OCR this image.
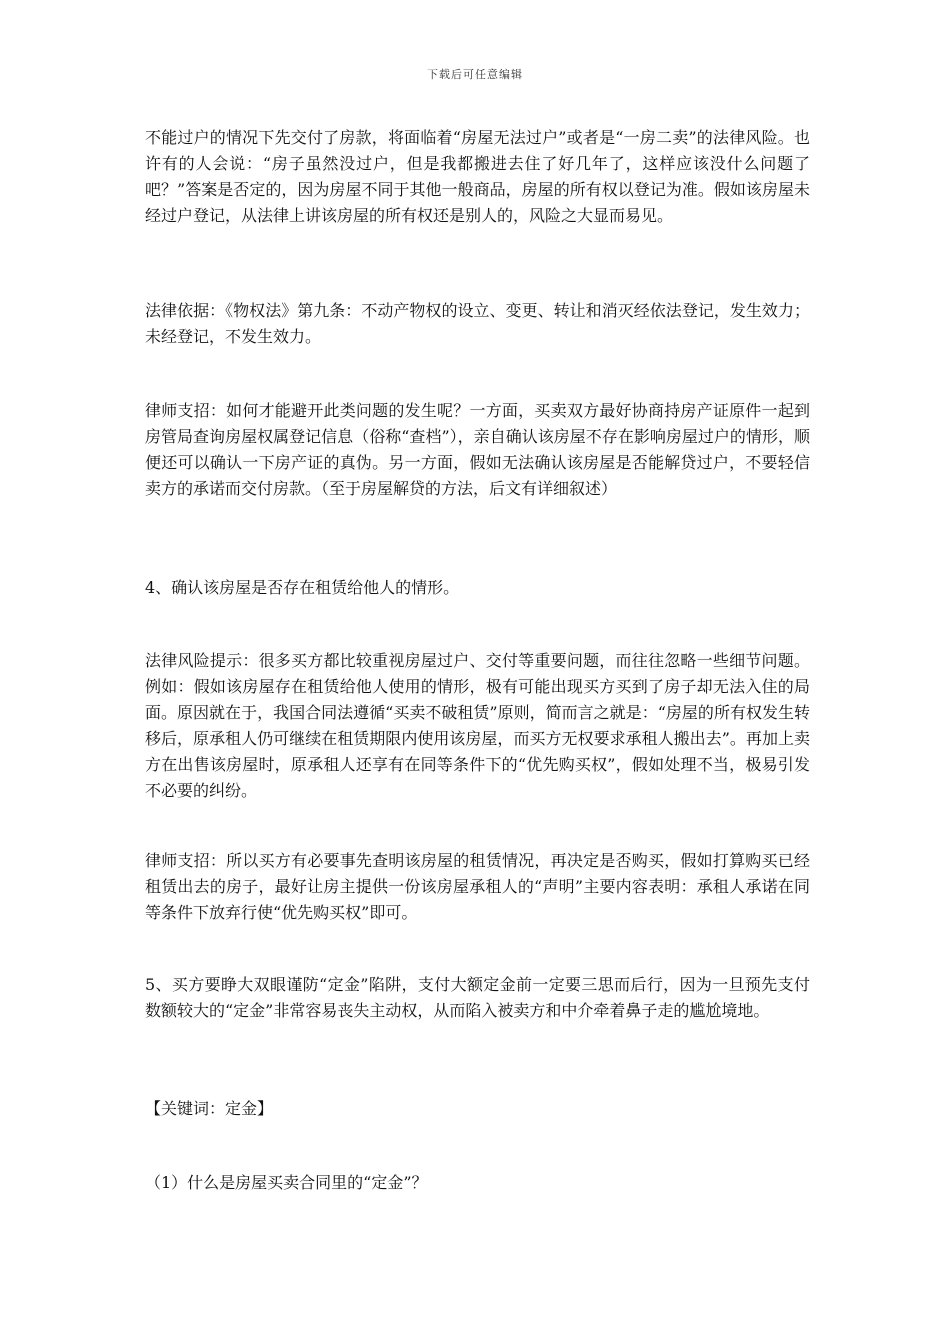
下载后可任意编辑

不能过户的情况下先交付了房款，将面临着“房屋无法过户”或者是“一房二卖”的法律风险。也许有的人会说：“房子虽然没过户，但是我都搬进去住了好几年了，这样应该没什么问题了吧？”答案是否定的，因为房屋不同于其他一般商品，房屋的所有权以登记为准。假如该房屋未经过户登记，从法律上讲该房屋的所有权还是别人的，风险之大显而易见。

法律依据：《物权法》第九条：不动产物权的设立、变更、转让和消灭经依法登记，发生效力；未经登记，不发生效力。

律师支招：如何才能避开此类问题的发生呢？一方面，买卖双方最好协商持房产证原件一起到房管局查询房屋权属登记信息（俗称“查档”），亲自确认该房屋不存在影响房屋过户的情形，顺便还可以确认一下房产证的真伪。另一方面，假如无法确认该房屋是否能解贷过户，不要轻信卖方的承诺而交付房款。（至于房屋解贷的方法，后文有详细叙述）

4、确认该房屋是否存在租赁给他人的情形。

法律风险提示：很多买方都比较重视房屋过户、交付等重要问题，而往往忽略一些细节问题。例如：假如该房屋存在租赁给他人使用的情形，极有可能出现买方买到了房子却无法入住的局面。原因就在于，我国合同法遵循“买卖不破租赁”原则，简而言之就是：“房屋的所有权发生转移后，原承租人仍可继续在租赁期限内使用该房屋，而买方无权要求承租人搬出去”。再加上卖方在出售该房屋时，原承租人还享有在同等条件下的“优先购买权”，假如处理不当，极易引发不必要的纠纷。

律师支招：所以买方有必要事先查明该房屋的租赁情况，再决定是否购买，假如打算购买已经租赁出去的房子，最好让房主提供一份该房屋承租人的“声明”主要内容表明：承租人承诺在同等条件下放弃行使“优先购买权”即可。

5、买方要睁大双眼谨防“定金”陷阱，支付大额定金前一定要三思而后行，因为一旦预先支付数额较大的“定金”非常容易丧失主动权，从而陷入被卖方和中介牵着鼻子走的尴尬境地。

【关键词：定金】

（1）什么是房屋买卖合同里的“定金”？
